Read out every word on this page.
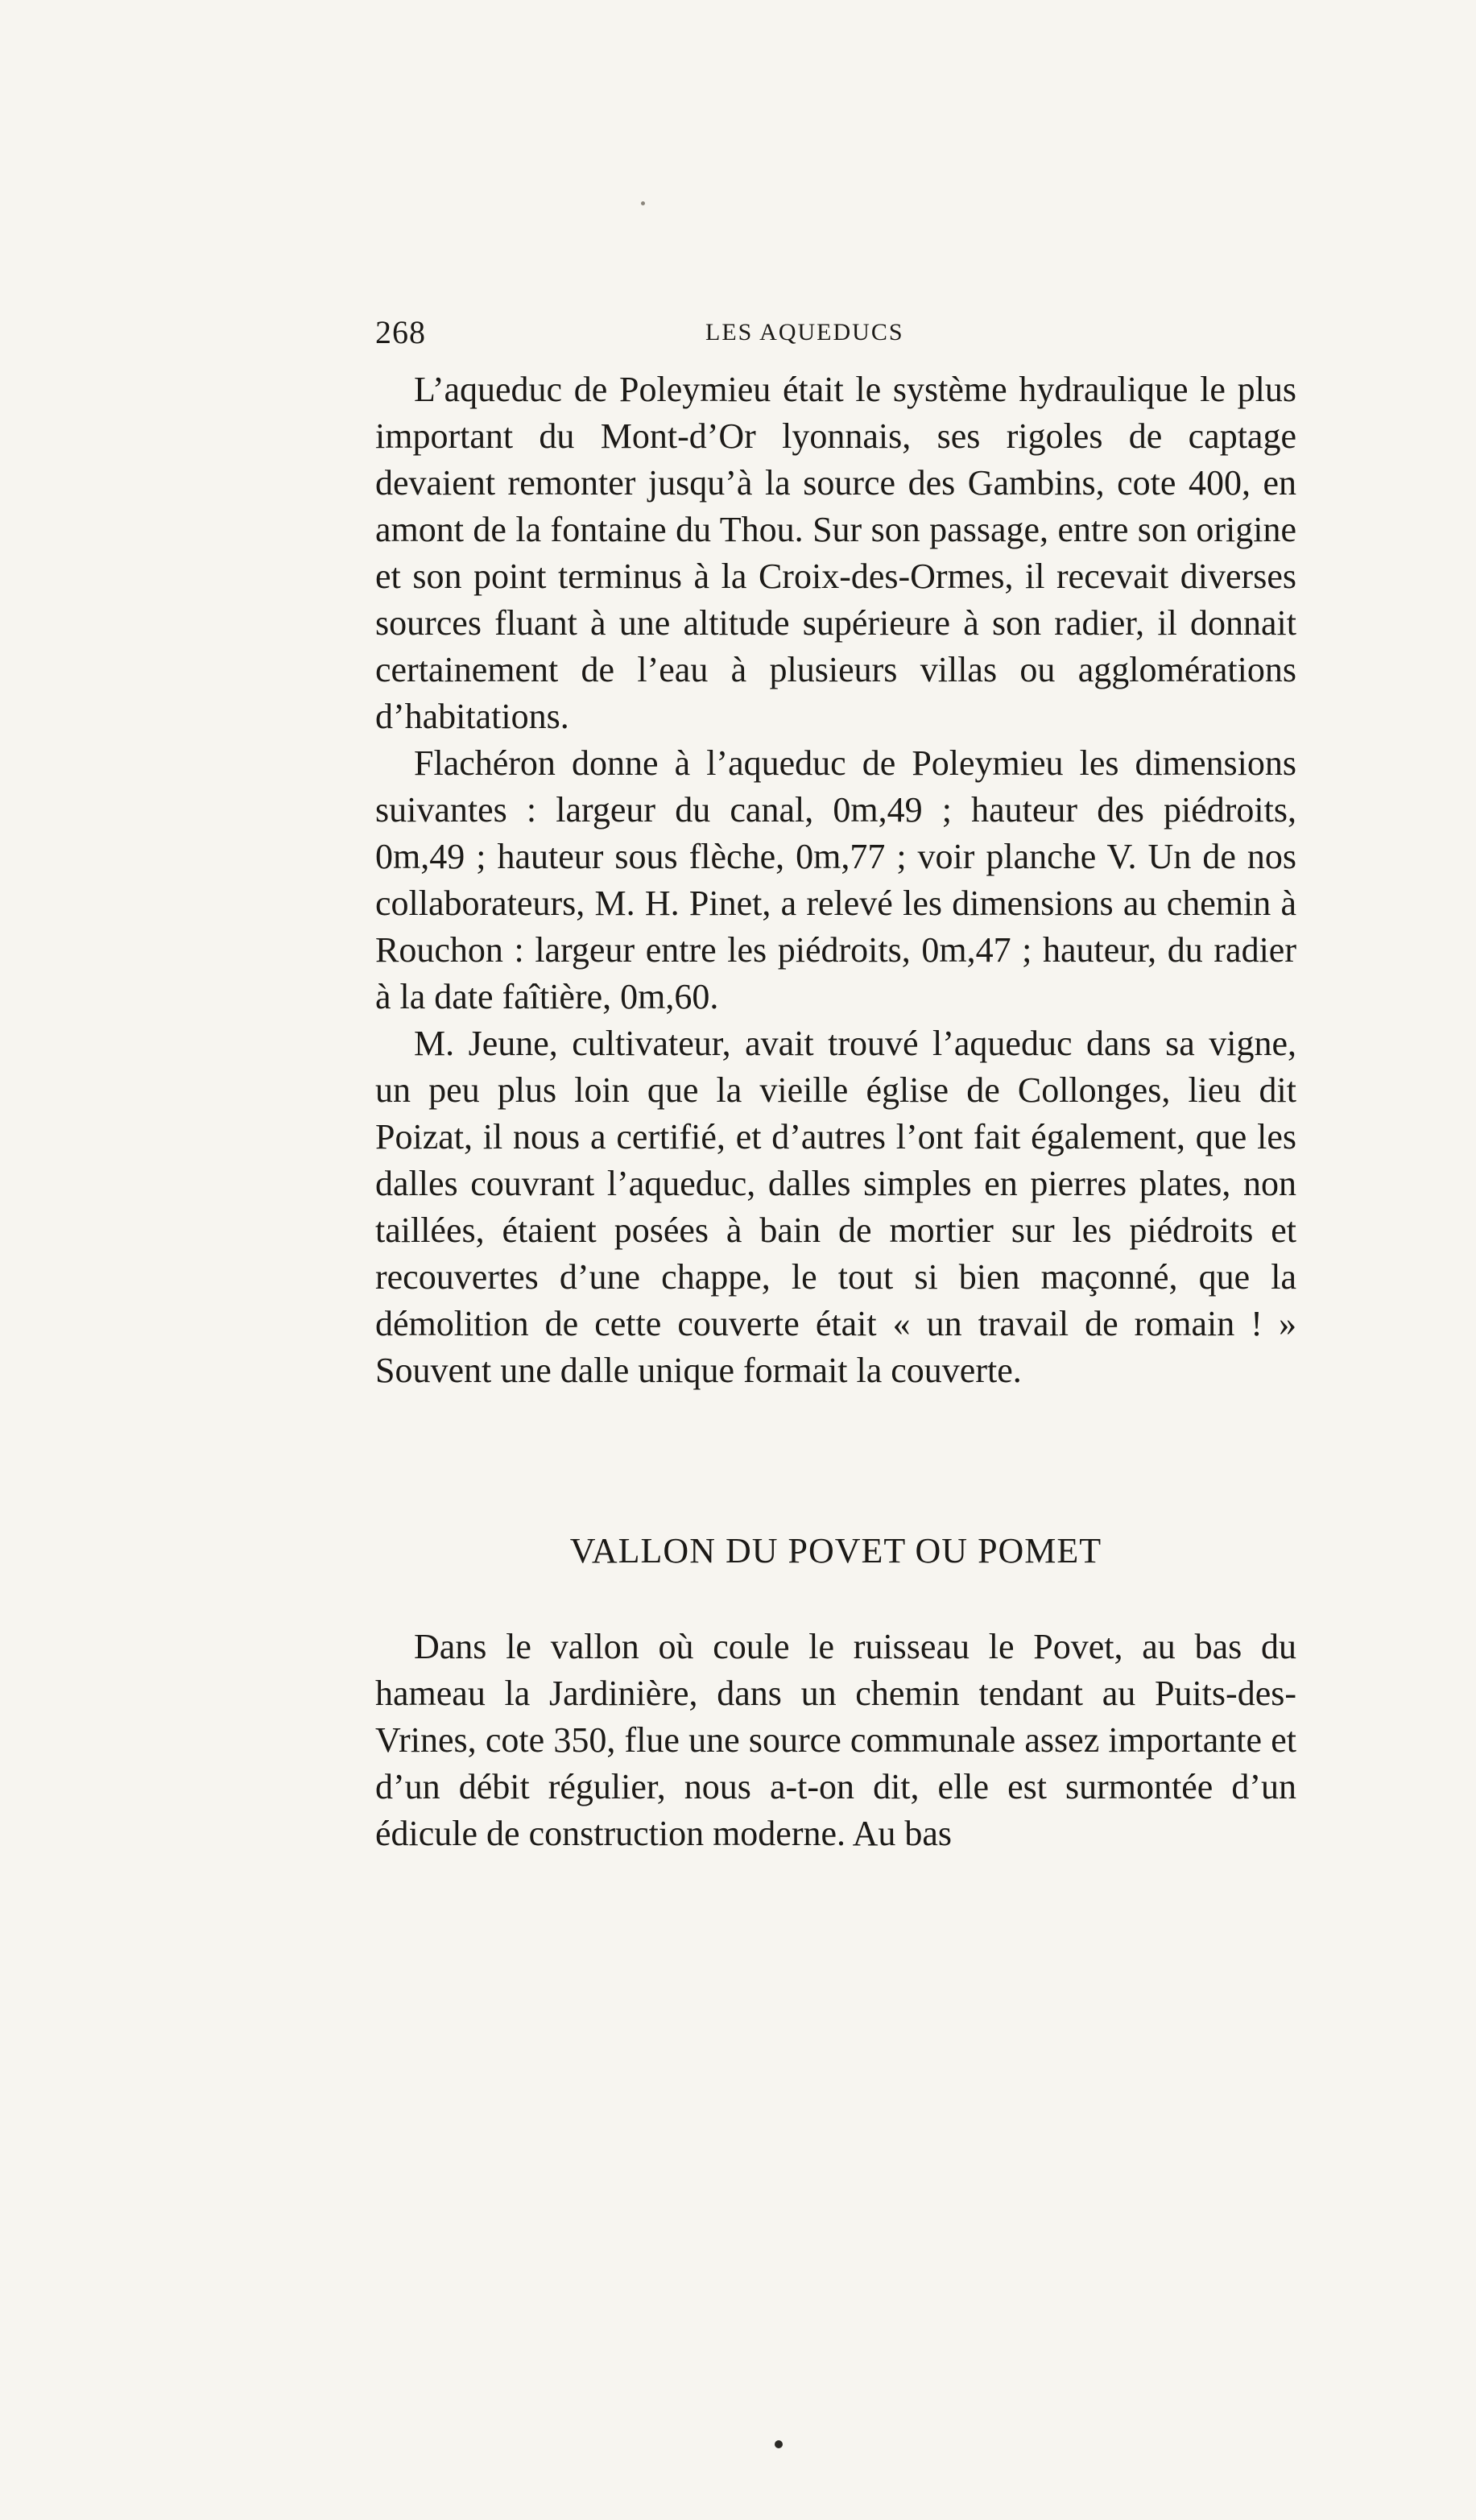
268	LES AQUEDUCS

L’aqueduc de Poleymieu était le système hydraulique le plus important du Mont-d’Or lyonnais, ses rigoles de captage devaient remonter jusqu’à la source des Gambins, cote 400, en amont de la fontaine du Thou. Sur son passage, entre son origine et son point terminus à la Croix-des-Ormes, il recevait diverses sources fluant à une altitude supérieure à son radier, il donnait certainement de l’eau à plusieurs villas ou agglomérations d’habitations.

Flachéron donne à l’aqueduc de Poleymieu les dimensions suivantes : largeur du canal, 0m,49 ; hauteur des piédroits, 0m,49 ; hauteur sous flèche, 0m,77 ; voir planche V. Un de nos collaborateurs, M. H. Pinet, a relevé les dimensions au chemin à Rouchon : largeur entre les piédroits, 0m,47 ; hauteur, du radier à la date faîtière, 0m,60.

M. Jeune, cultivateur, avait trouvé l’aqueduc dans sa vigne, un peu plus loin que la vieille église de Collonges, lieu dit Poizat, il nous a certifié, et d’autres l’ont fait également, que les dalles couvrant l’aqueduc, dalles simples en pierres plates, non taillées, étaient posées à bain de mortier sur les piédroits et recouvertes d’une chappe, le tout si bien maçonné, que la démolition de cette couverte était « un travail de romain ! » Souvent une dalle unique formait la couverte.

VALLON DU POVET OU POMET

Dans le vallon où coule le ruisseau le Povet, au bas du hameau la Jardinière, dans un chemin tendant au Puits-des-Vrines, cote 350, flue une source communale assez importante et d’un débit régulier, nous a-t-on dit, elle est surmontée d’un édicule de construction moderne. Au bas
